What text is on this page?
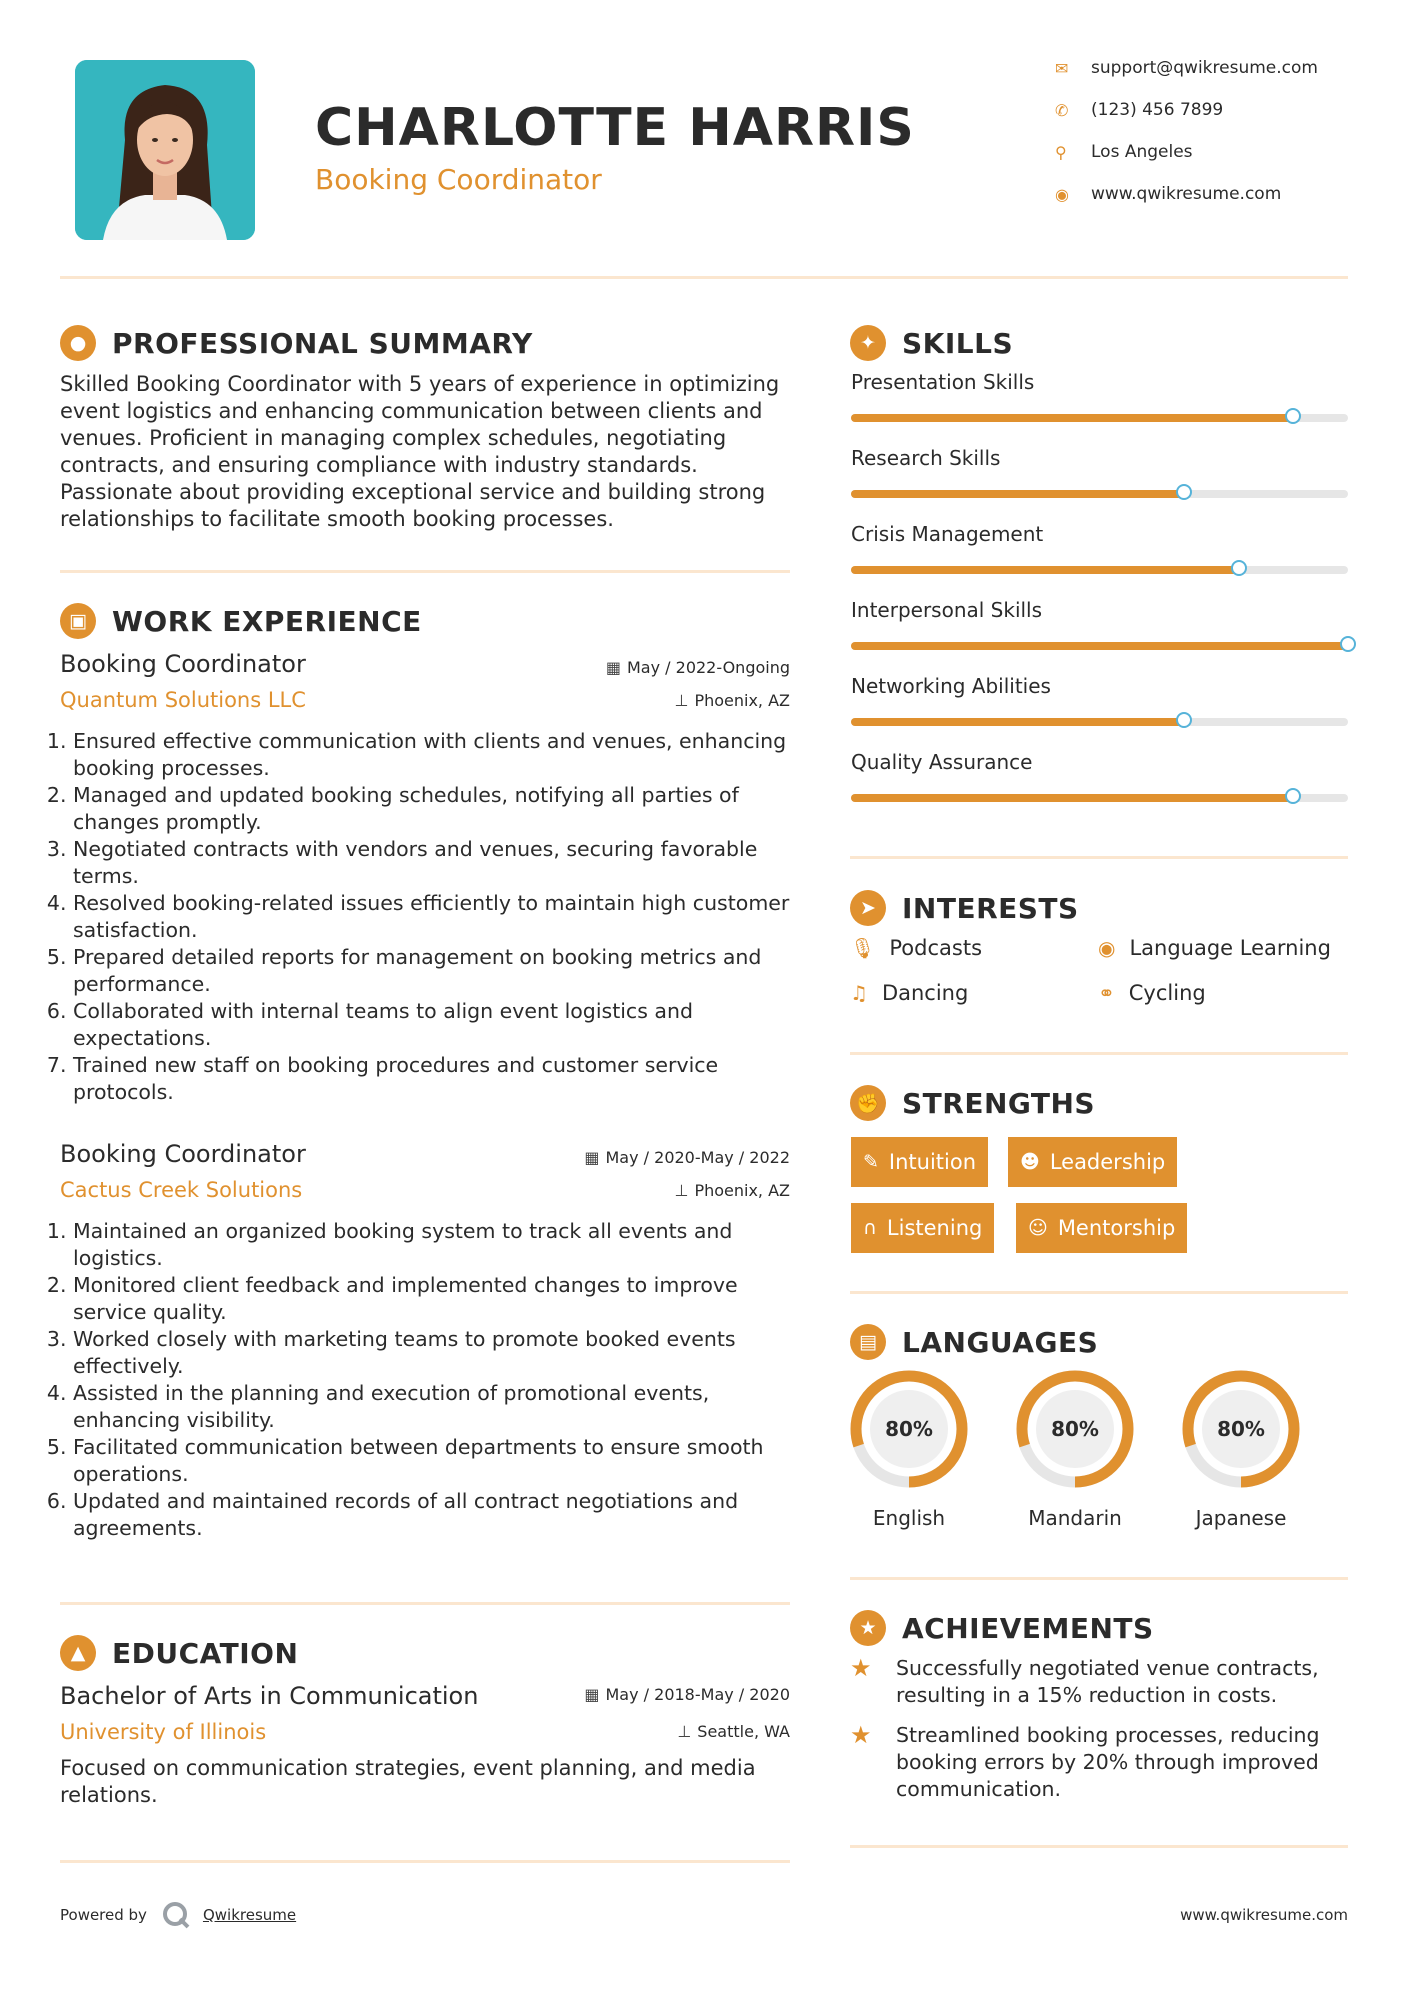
CHARLOTTE HARRIS
Booking Coordinator
✉	support@qwikresume.com
✆	(123) 456 7899
⚲	Los Angeles
◉	www.qwikresume.com
● PROFESSIONAL SUMMARY
Skilled Booking Coordinator with 5 years of experience in optimizing event logistics and enhancing communication between clients and venues. Proficient in managing complex schedules, negotiating contracts, and ensuring compliance with industry standards. Passionate about providing exceptional service and building strong relationships to facilitate smooth booking processes.
▣ WORK EXPERIENCE
Booking Coordinator
Quantum Solutions LLC
▦ May / 2022-Ongoing
⊥ Phoenix, AZ
1. Ensured effective communication with clients and venues, enhancing booking processes.
2. Managed and updated booking schedules, notifying all parties of changes promptly.
3. Negotiated contracts with vendors and venues, securing favorable terms.
4. Resolved booking-related issues efficiently to maintain high customer satisfaction.
5. Prepared detailed reports for management on booking metrics and performance.
6. Collaborated with internal teams to align event logistics and expectations.
7. Trained new staff on booking procedures and customer service protocols.
Booking Coordinator
Cactus Creek Solutions
▦ May / 2020-May / 2022
⊥ Phoenix, AZ
1. Maintained an organized booking system to track all events and logistics.
2. Monitored client feedback and implemented changes to improve service quality.
3. Worked closely with marketing teams to promote booked events effectively.
4. Assisted in the planning and execution of promotional events, enhancing visibility.
5. Facilitated communication between departments to ensure smooth operations.
6. Updated and maintained records of all contract negotiations and agreements.
▲ EDUCATION
Bachelor of Arts in Communication
University of Illinois
▦ May / 2018-May / 2020
⊥ Seattle, WA
Focused on communication strategies, event planning, and media relations.
✦ SKILLS
Presentation Skills
Research Skills
Crisis Management
Interpersonal Skills
Networking Abilities
Quality Assurance
➤ INTERESTS
🎙 Podcasts	◉ Language Learning
♫ Dancing	⚭ Cycling
✊ STRENGTHS
✎ Intuition ☻ Leadership
∩ Listening ☺ Mentorship
▤ LANGUAGES
80%
English
80%
Mandarin
80%
Japanese
★ ACHIEVEMENTS
★	Successfully negotiated venue contracts, resulting in a 15% reduction in costs.
★	Streamlined booking processes, reducing booking errors by 20% through improved communication.
Powered by	Qwikresume	www.qwikresume.com
